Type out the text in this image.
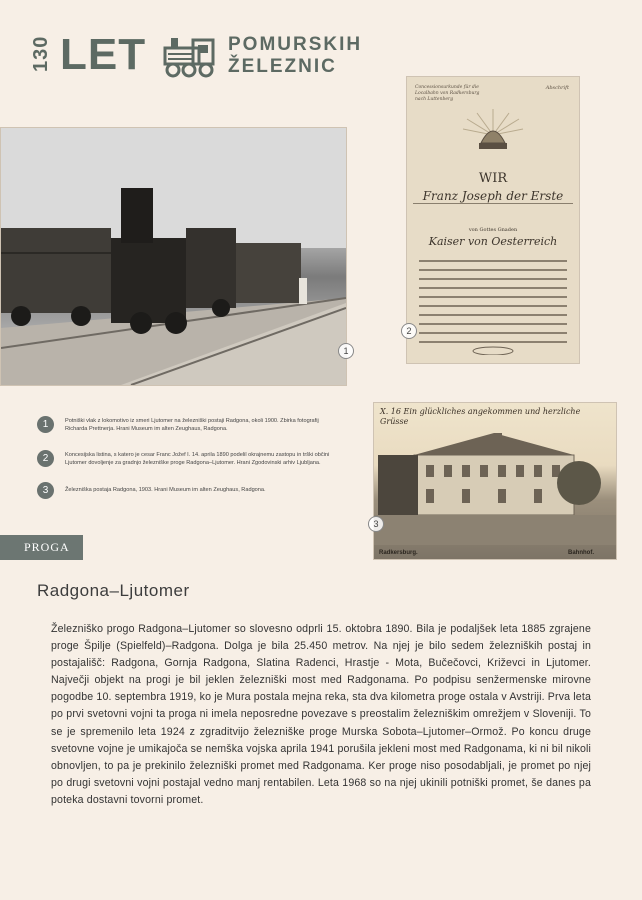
130 LET	POMURSKIH
ŽELEZNIC
1
Concessionsurkunde für die Localbahn von Radkersburg nach Luttenberg
Abschrift
WIR
Franz Joseph der Erste
von Gottes Gnaden
Kaiser von Oesterreich
2
X. 16 Ein glückliches angekommen und herzliche Grüsse
Radkersburg.	Bahnhof.
3
1	Potniški vlak z lokomotivo iz smeri Ljutomer na železniški postaji Radgona, okoli 1900. Zbirka fotografij Richarda Prettnerja. Hrani Museum im alten Zeughaus, Radgona.
2	Koncesijska listina, s katero je cesar Franc Jožef I. 14. aprila 1890 podelil okrajnemu zastopu in trški občini Ljutomer dovoljenje za gradnjo železniške proge Radgona–Ljutomer. Hrani Zgodovinski arhiv Ljubljana.
3	Železniška postaja Radgona, 1903. Hrani Museum im alten Zeughaus, Radgona.
PROGA
Radgona–Ljutomer
Železniško progo Radgona–Ljutomer so slovesno odprli 15. oktobra 1890. Bila je podaljšek leta 1885 zgrajene proge Špilje (Spielfeld)–Radgona. Dolga je bila 25.450 metrov. Na njej je bilo sedem železniških postaj in postajališč: Radgona, Gornja Radgona, Slatina Radenci, Hrastje - Mota, Bučečovci, Križevci in Ljutomer. Največji objekt na progi je bil jeklen železniški most med Radgonama. Po podpisu senžermenske mirovne pogodbe 10. septembra 1919, ko je Mura postala mejna reka, sta dva kilometra proge ostala v Avstriji. Prva leta po prvi svetovni vojni ta proga ni imela neposredne povezave s preostalim železniškim omrežjem v Sloveniji. To se je spremenilo leta 1924 z zgraditvijo železniške proge Murska Sobota–Ljutomer–Ormož. Po koncu druge svetovne vojne je umikajoča se nemška vojska aprila 1941 porušila jekleni most med Radgonama, ki ni bil nikoli obnovljen, to pa je prekinilo železniški promet med Radgonama. Ker proge niso posodabljali, je promet po njej po drugi svetovni vojni postajal vedno manj rentabilen. Leta 1968 so na njej ukinili potniški promet, še danes pa poteka dostavni tovorni promet.
